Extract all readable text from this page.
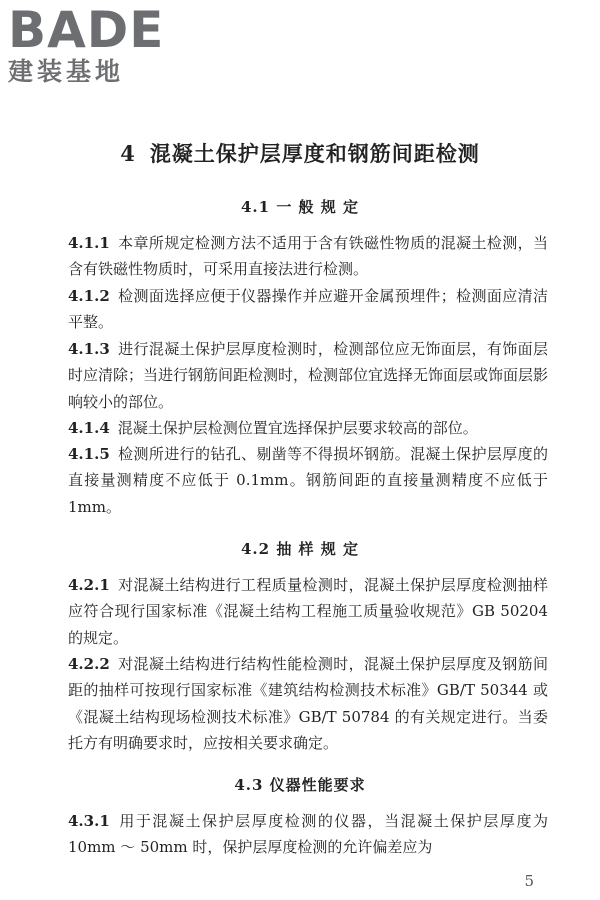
BADE
建装基地
4 混凝土保护层厚度和钢筋间距检测
4.1 一 般 规 定
4.1.1 本章所规定检测方法不适用于含有铁磁性物质的混凝土检测，当含有铁磁性物质时，可采用直接法进行检测。
4.1.2 检测面选择应便于仪器操作并应避开金属预埋件；检测面应清洁平整。
4.1.3 进行混凝土保护层厚度检测时，检测部位应无饰面层，有饰面层时应清除；当进行钢筋间距检测时，检测部位宜选择无饰面层或饰面层影响较小的部位。
4.1.4 混凝土保护层检测位置宜选择保护层要求较高的部位。
4.1.5 检测所进行的钻孔、剔凿等不得损坏钢筋。混凝土保护层厚度的直接量测精度不应低于 0.1mm。钢筋间距的直接量测精度不应低于 1mm。
4.2 抽 样 规 定
4.2.1 对混凝土结构进行工程质量检测时，混凝土保护层厚度检测抽样应符合现行国家标准《混凝土结构工程施工质量验收规范》GB 50204 的规定。
4.2.2 对混凝土结构进行结构性能检测时，混凝土保护层厚度及钢筋间距的抽样可按现行国家标准《建筑结构检测技术标准》GB/T 50344 或《混凝土结构现场检测技术标准》GB/T 50784 的有关规定进行。当委托方有明确要求时，应按相关要求确定。
4.3 仪器性能要求
4.3.1 用于混凝土保护层厚度检测的仪器，当混凝土保护层厚度为 10mm ～ 50mm 时，保护层厚度检测的允许偏差应为
5
